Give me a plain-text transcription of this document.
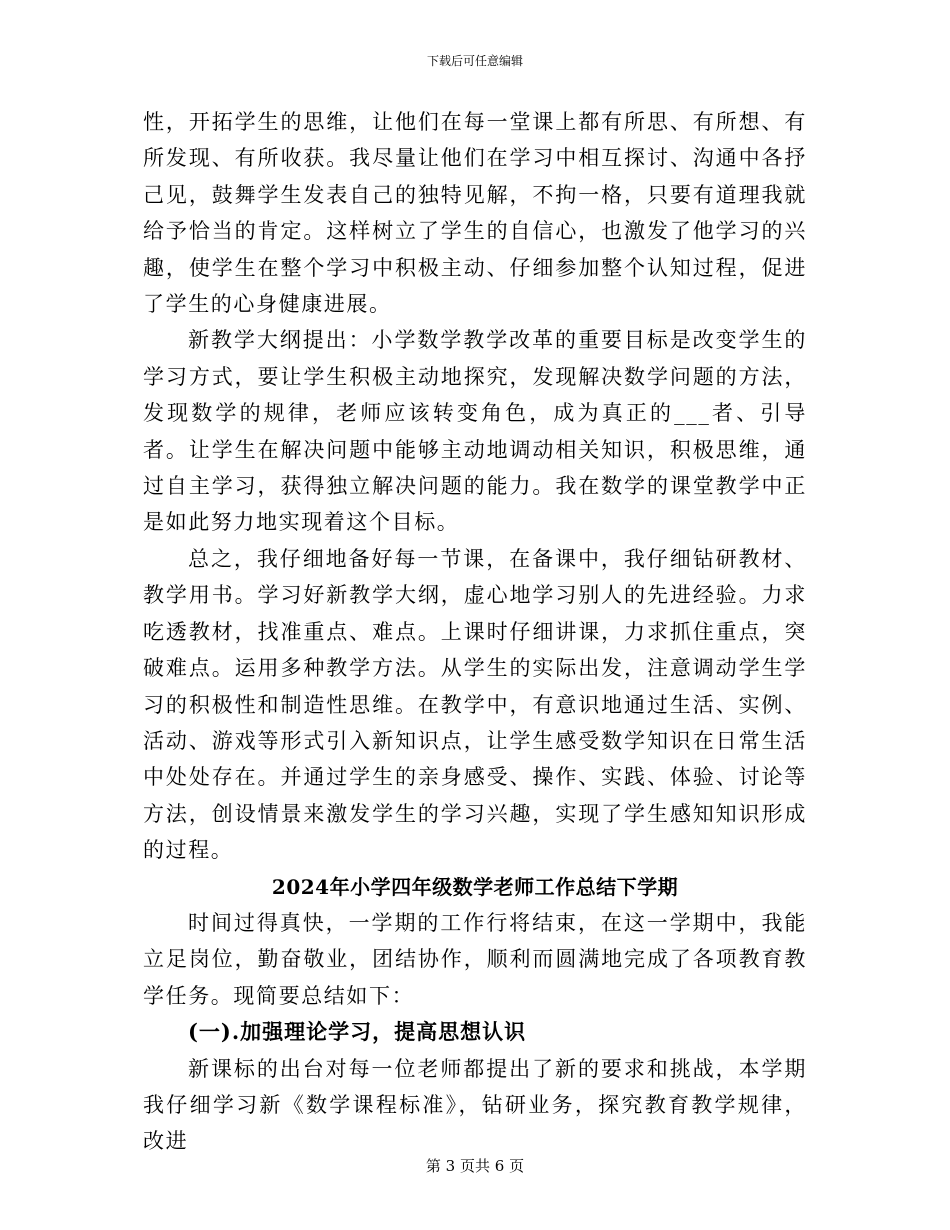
下载后可任意编辑

性，开拓学生的思维，让他们在每一堂课上都有所思、有所想、有所发现、有所收获。我尽量让他们在学习中相互探讨、沟通中各抒己见，鼓舞学生发表自己的独特见解，不拘一格，只要有道理我就给予恰当的肯定。这样树立了学生的自信心，也激发了他学习的兴趣，使学生在整个学习中积极主动、仔细参加整个认知过程，促进了学生的心身健康进展。

新教学大纲提出：小学数学教学改革的重要目标是改变学生的学习方式，要让学生积极主动地探究，发现解决数学问题的方法，发现数学的规律，老师应该转变角色，成为真正的___者、引导者。让学生在解决问题中能够主动地调动相关知识，积极思维，通过自主学习，获得独立解决问题的能力。我在数学的课堂教学中正是如此努力地实现着这个目标。

总之，我仔细地备好每一节课，在备课中，我仔细钻研教材、教学用书。学习好新教学大纲，虚心地学习别人的先进经验。力求吃透教材，找准重点、难点。上课时仔细讲课，力求抓住重点，突破难点。运用多种教学方法。从学生的实际出发，注意调动学生学习的积极性和制造性思维。在教学中，有意识地通过生活、实例、活动、游戏等形式引入新知识点，让学生感受数学知识在日常生活中处处存在。并通过学生的亲身感受、操作、实践、体验、讨论等方法，创设情景来激发学生的学习兴趣，实现了学生感知知识形成的过程。

2024年小学四年级数学老师工作总结下学期

时间过得真快，一学期的工作行将结束，在这一学期中，我能立足岗位，勤奋敬业，团结协作，顺利而圆满地完成了各项教育教学任务。现简要总结如下：

(一).加强理论学习，提高思想认识

新课标的出台对每一位老师都提出了新的要求和挑战，本学期我仔细学习新《数学课程标准》，钻研业务，探究教育教学规律，改进

第 3 页共 6 页
